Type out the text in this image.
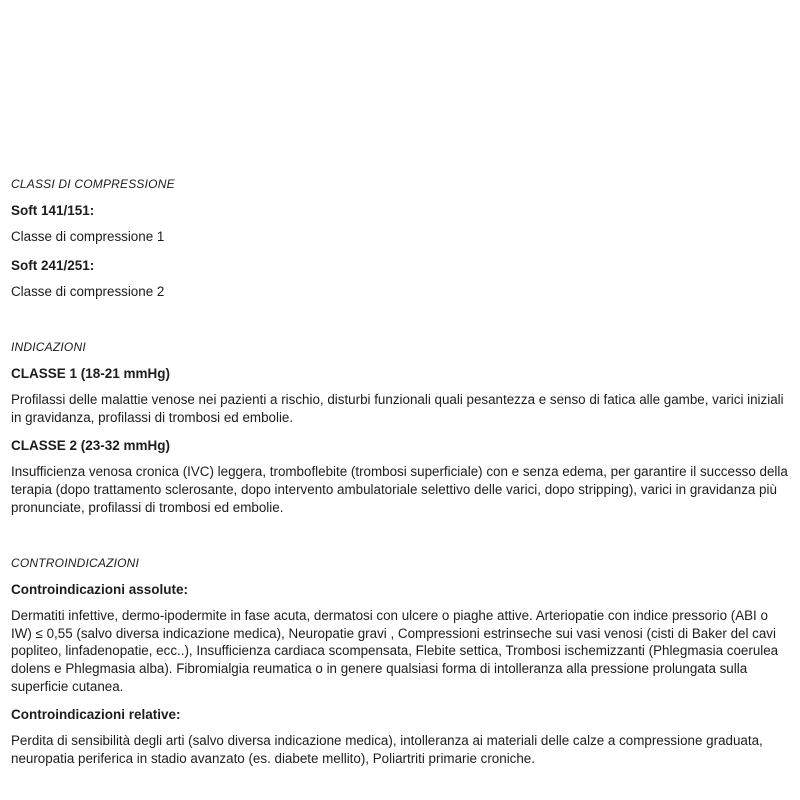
CLASSI DI COMPRESSIONE
Soft 141/151:

Classe di compressione 1

Soft 241/251:

Classe di compressione 2

INDICAZIONI
CLASSE 1 (18-21 mmHg)

Profilassi delle malattie venose nei pazienti a rischio, disturbi funzionali quali pesantezza e senso di fatica alle gambe, varici iniziali in gravidanza, profilassi di trombosi ed embolie.

CLASSE 2 (23-32 mmHg)

Insufficienza venosa cronica (IVC) leggera, tromboflebite (trombosi superficiale) con e senza edema, per garantire il successo della terapia (dopo trattamento sclerosante, dopo intervento ambulatoriale selettivo delle varici, dopo stripping), varici in gravidanza più pronunciate, profilassi di trombosi ed embolie.

CONTROINDICAZIONI
Controindicazioni assolute:

Dermatiti infettive, dermo-ipodermite in fase acuta, dermatosi con ulcere o piaghe attive. Arteriopatie con indice pressorio (ABI o IW) ≤ 0,55 (salvo diversa indicazione medica), Neuropatie gravi , Compressioni estrinseche sui vasi venosi (cisti di Baker del cavi popliteo, linfadenopatie, ecc..), Insufficienza cardiaca scompensata, Flebite settica, Trombosi ischemizzanti (Phlegmasia coerulea dolens e Phlegmasia alba). Fibromialgia reumatica o in genere qualsiasi forma di intolleranza alla pressione prolungata sulla superficie cutanea.

Controindicazioni relative:

Perdita di sensibilità degli arti (salvo diversa indicazione medica), intolleranza ai materiali delle calze a compressione graduata, neuropatia periferica in stadio avanzato (es. diabete mellito), Poliartriti primarie croniche.
